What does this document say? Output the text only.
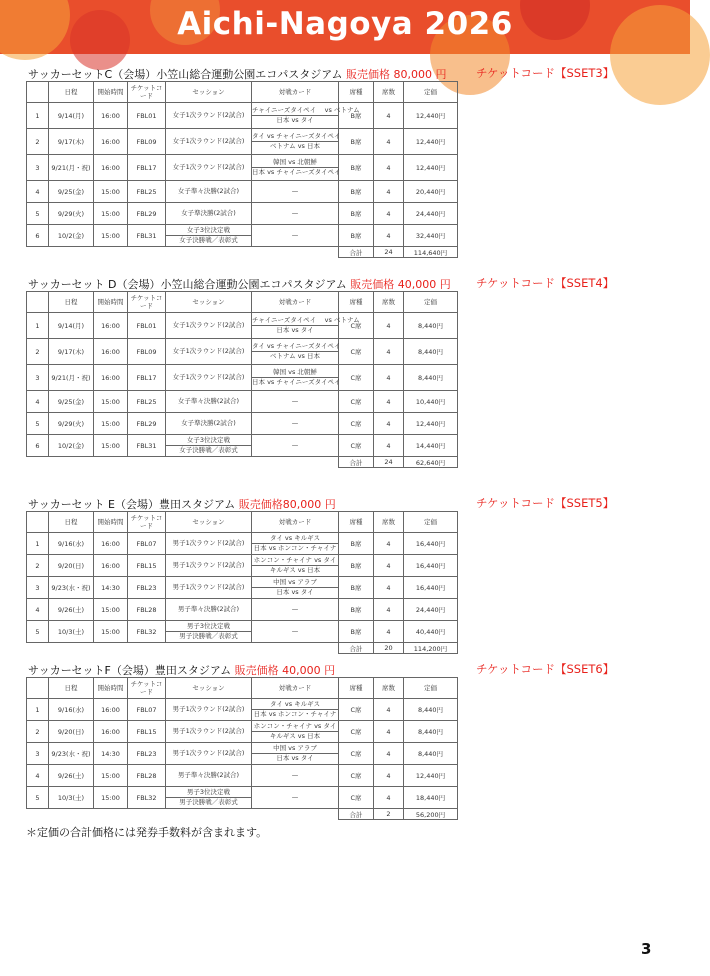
Aichi-Nagoya 2026
サッカーセットC（会場）小笠山総合運動公園エコパスタジアム 販売価格 80,000 円	チケットコード【SSET3】
	日程	開始時間	チケットコード	セッション	対戦カード	席種	席数	定価
1	9/14(月)	16:00	FBL01	女子1次ラウンド(2試合)	チャイニーズタイペイ　 vs ベトナム
日本 vs タイ	B席	4	12,440円
2	9/17(木)	16:00	FBL09	女子1次ラウンド(2試合)	タイ vs チャイニーズタイペイ
ベトナム vs 日本	B席	4	12,440円
3	9/21(月・祝)	16:00	FBL17	女子1次ラウンド(2試合)	韓国 vs 北朝鮮
日本 vs チャイニーズタイペイ	B席	4	12,440円
4	9/25(金)	15:00	FBL25	女子準々決勝(2試合)	—	B席	4	20,440円
5	9/29(火)	15:00	FBL29	女子準決勝(2試合)	—	B席	4	24,440円
6	10/2(金)	15:00	FBL31	女子3位決定戦
女子決勝戦／表彰式	—	B席	4	32,440円
						合計	24	114,640円
サッカーセット D（会場）小笠山総合運動公園エコパスタジアム 販売価格 40,000 円 チケットコード【SSET4】
	日程	開始時間	チケットコード	セッション	対戦カード	席種	席数	定価
1	9/14(月)	16:00	FBL01	女子1次ラウンド(2試合)	チャイニーズタイペイ　 vs ベトナム
日本 vs タイ	C席	4	8,440円
2	9/17(木)	16:00	FBL09	女子1次ラウンド(2試合)	タイ vs チャイニーズタイペイ
ベトナム vs 日本	C席	4	8,440円
3	9/21(月・祝)	16:00	FBL17	女子1次ラウンド(2試合)	韓国 vs 北朝鮮
日本 vs チャイニーズタイペイ	C席	4	8,440円
4	9/25(金)	15:00	FBL25	女子準々決勝(2試合)	—	C席	4	10,440円
5	9/29(火)	15:00	FBL29	女子準決勝(2試合)	—	C席	4	12,440円
6	10/2(金)	15:00	FBL31	女子3位決定戦
女子決勝戦／表彰式	—	C席	4	14,440円
						合計	24	62,640円
サッカーセット E（会場）豊田スタジアム 販売価格80,000 円	チケットコード【SSET5】
	日程	開始時間	チケットコード	セッション	対戦カード	席種	席数	定価
1	9/16(水)	16:00	FBL07	男子1次ラウンド(2試合)	タイ vs キルギス
日本 vs ホンコン・チャイナ	B席	4	16,440円
2	9/20(日)	16:00	FBL15	男子1次ラウンド(2試合)	ホンコン・チャイナ vs タイ
キルギス vs 日本	B席	4	16,440円
3	9/23(水・祝)	14:30	FBL23	男子1次ラウンド(2試合)	中国 vs アラブ
日本 vs タイ	B席	4	16,440円
4	9/26(土)	15:00	FBL28	男子準々決勝(2試合)	—	B席	4	24,440円
5	10/3(土)	15:00	FBL32	男子3位決定戦
男子決勝戦／表彰式	—	B席	4	40,440円
						合計	20	114,200円
サッカーセットF（会場）豊田スタジアム 販売価格 40,000 円	チケットコード【SSET6】
	日程	開始時間	チケットコード	セッション	対戦カード	席種	席数	定価
1	9/16(水)	16:00	FBL07	男子1次ラウンド(2試合)	タイ vs キルギス
日本 vs ホンコン・チャイナ	C席	4	8,440円
2	9/20(日)	16:00	FBL15	男子1次ラウンド(2試合)	ホンコン・チャイナ vs タイ
キルギス vs 日本	C席	4	8,440円
3	9/23(水・祝)	14:30	FBL23	男子1次ラウンド(2試合)	中国 vs アラブ
日本 vs タイ	C席	4	8,440円
4	9/26(土)	15:00	FBL28	男子準々決勝(2試合)	—	C席	4	12,440円
5	10/3(土)	15:00	FBL32	男子3位決定戦
男子決勝戦／表彰式	—	C席	4	18,440円
						合計	2	56,200円
＊定価の合計価格には発券手数料が含まれます。
3
